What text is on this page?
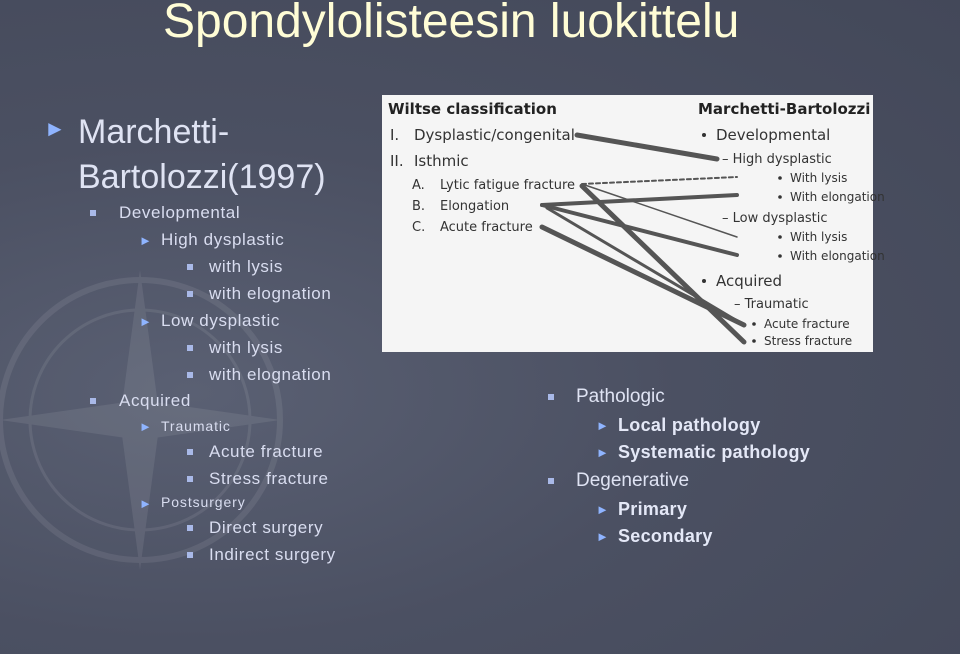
Spondylolisteesin luokittelu
► Marchetti-
Bartolozzi(1997)
Developmental
► High dysplastic
with lysis
with elognation
► Low dysplastic
with lysis
with elognation
Acquired
► Traumatic
Acute fracture
Stress fracture
► Postsurgery
Direct surgery
Indirect surgery
Wiltse classification	Marchetti-Bartolozzi
I. Dysplastic/congenital
II. Isthmic
A. Lytic fatigue fracture
B. Elongation
C. Acute fracture
Developmental
– High dysplastic
With lysis
With elongation
– Low dysplastic
With lysis
With elongation
Acquired
– Traumatic
Acute fracture
Stress fracture
Pathologic
► Local pathology
► Systematic pathology
Degenerative
► Primary
► Secondary
